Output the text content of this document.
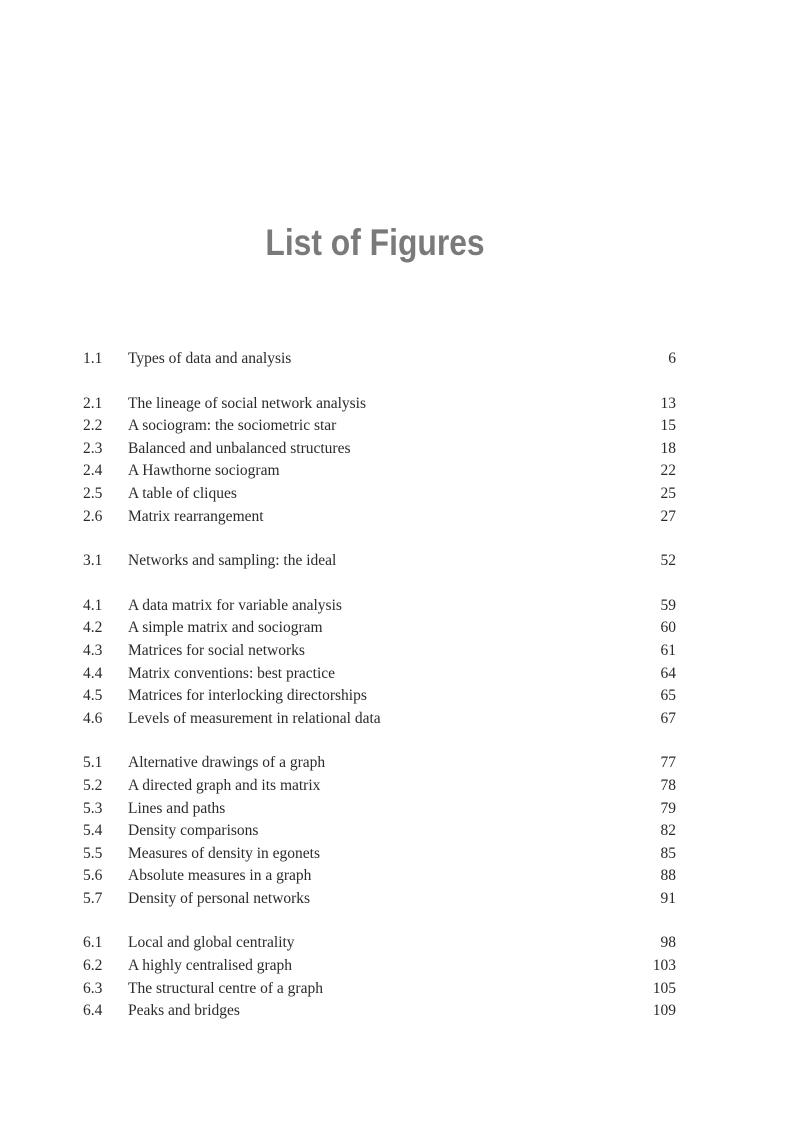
List of Figures
1.1 Types of data and analysis	6
2.1 The lineage of social network analysis	13
2.2 A sociogram: the sociometric star	15
2.3 Balanced and unbalanced structures	18
2.4 A Hawthorne sociogram	22
2.5 A table of cliques	25
2.6 Matrix rearrangement	27
3.1 Networks and sampling: the ideal	52
4.1 A data matrix for variable analysis	59
4.2 A simple matrix and sociogram	60
4.3 Matrices for social networks	61
4.4 Matrix conventions: best practice	64
4.5 Matrices for interlocking directorships	65
4.6 Levels of measurement in relational data	67
5.1 Alternative drawings of a graph	77
5.2 A directed graph and its matrix	78
5.3 Lines and paths	79
5.4 Density comparisons	82
5.5 Measures of density in egonets	85
5.6 Absolute measures in a graph	88
5.7 Density of personal networks	91
6.1 Local and global centrality	98
6.2 A highly centralised graph	103
6.3 The structural centre of a graph	105
6.4 Peaks and bridges	109
